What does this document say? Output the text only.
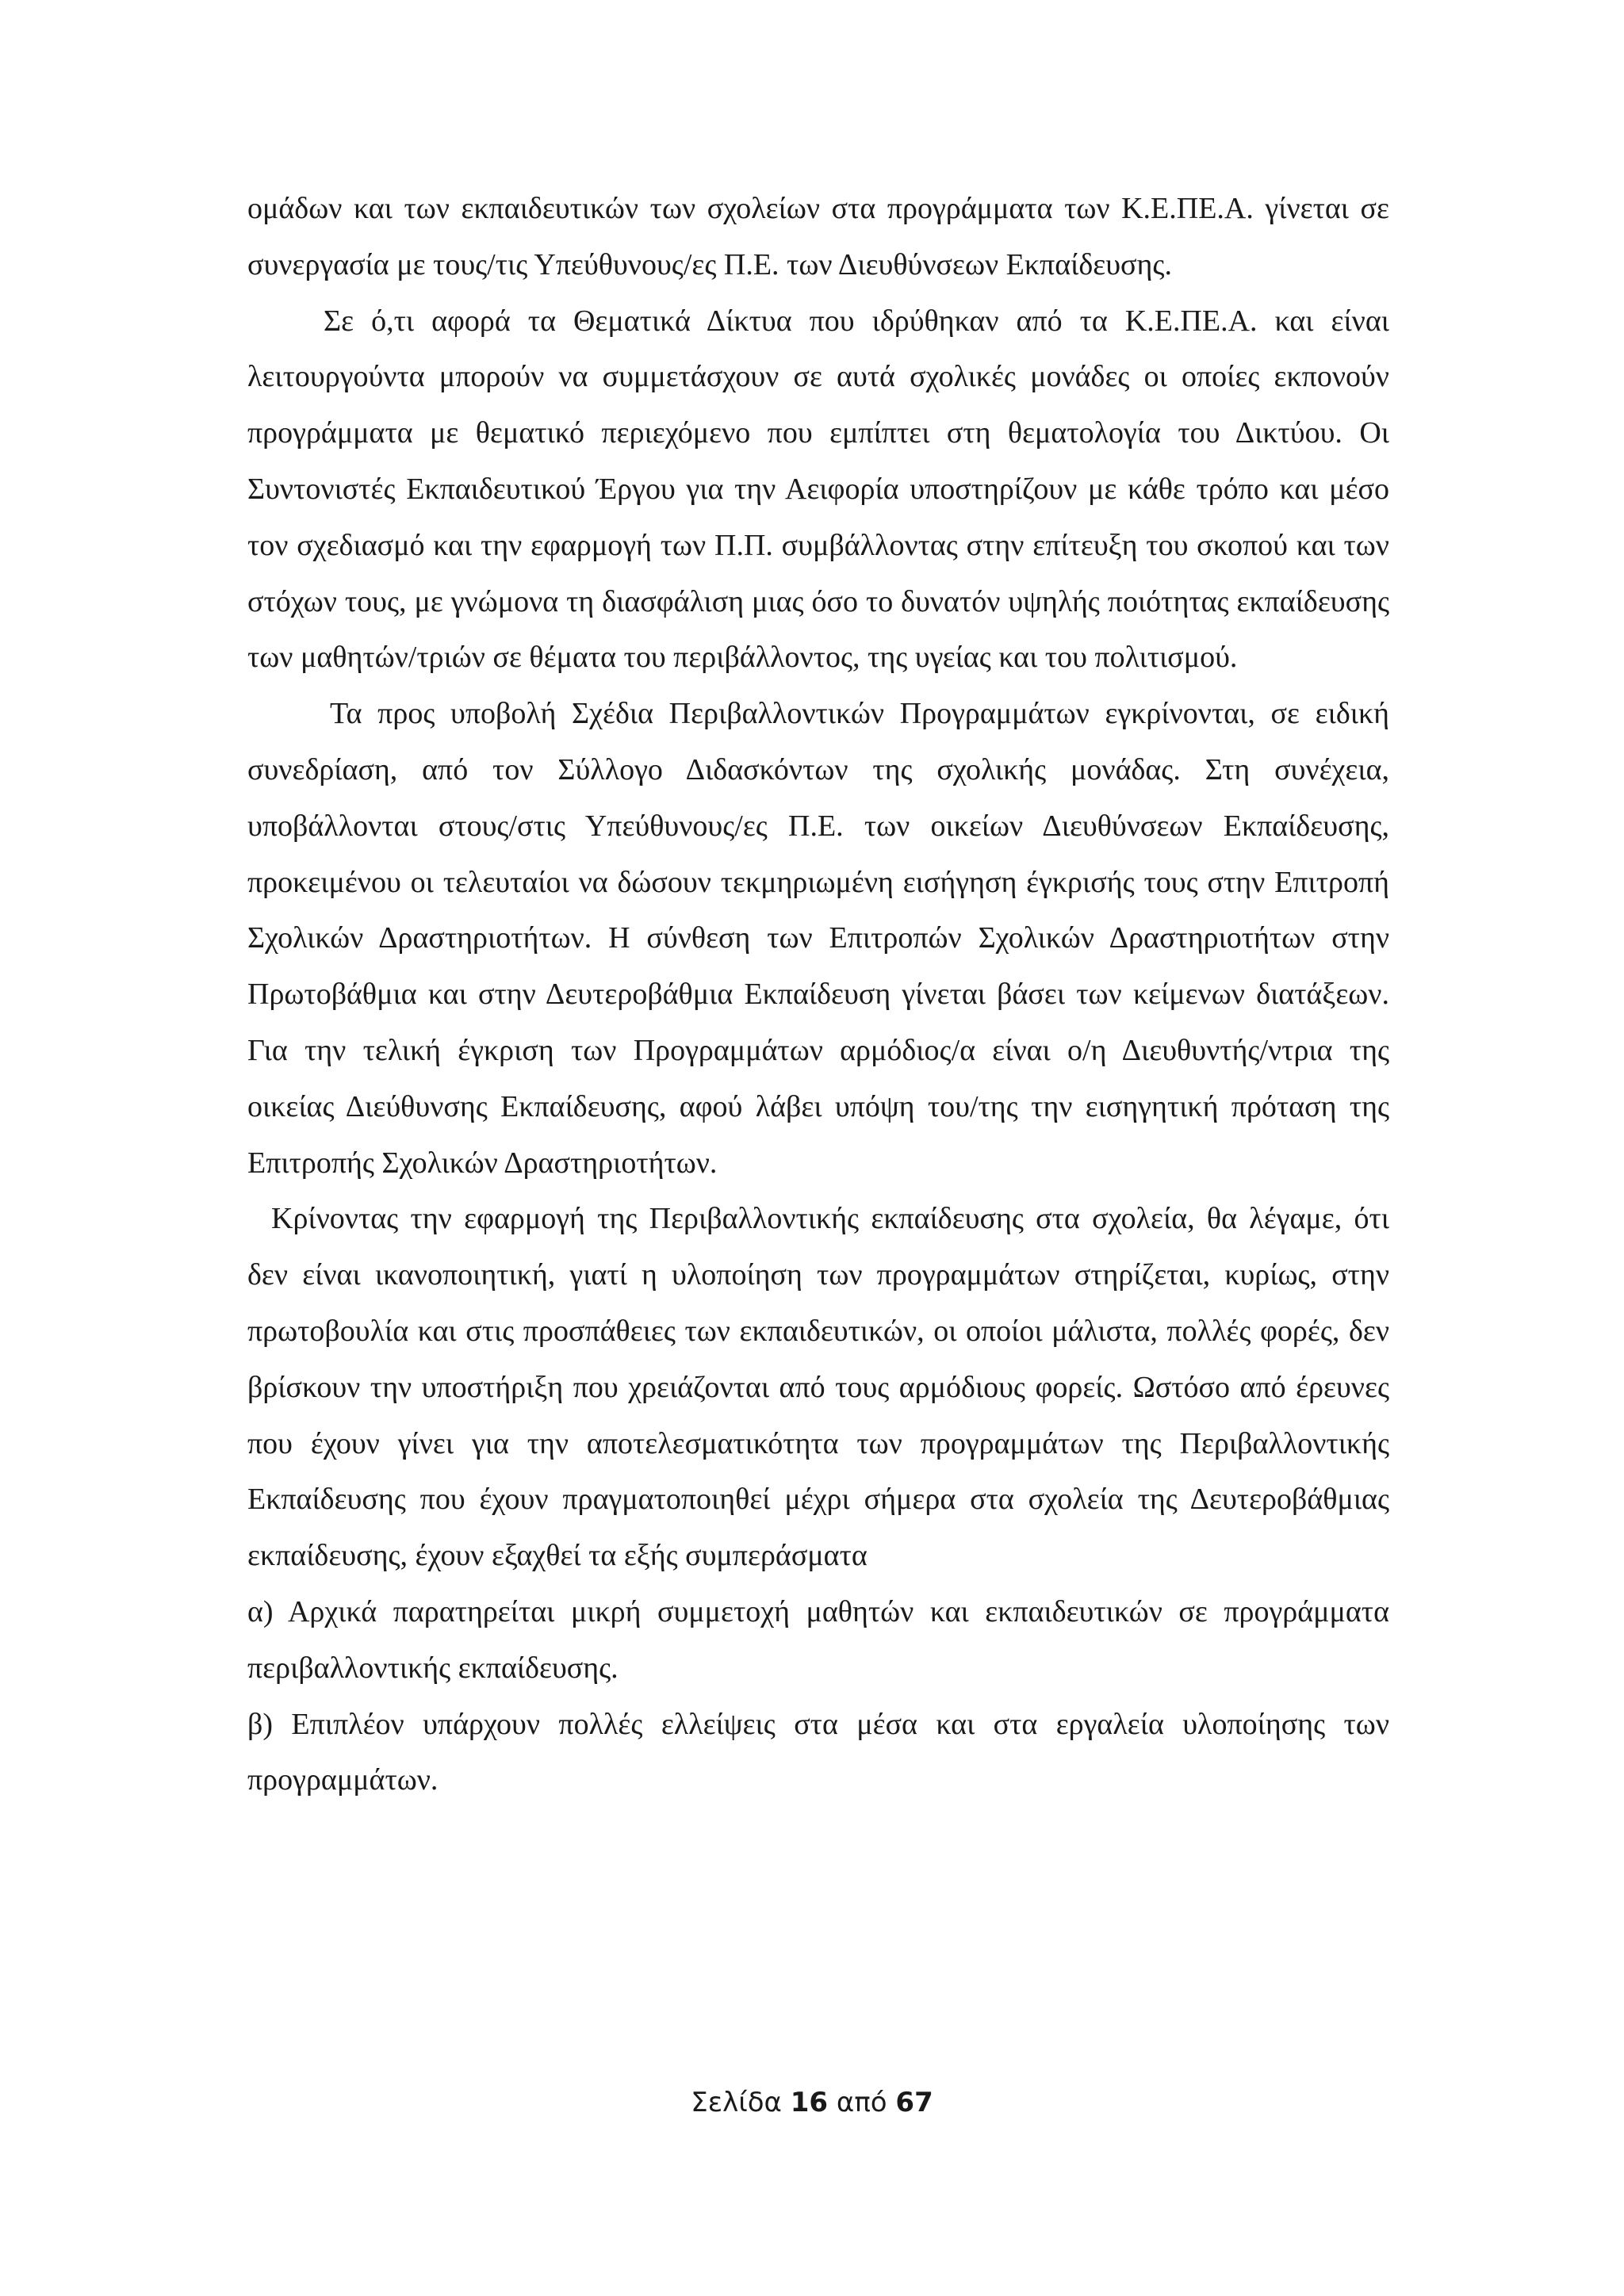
ομάδων και των εκπαιδευτικών των σχολείων στα προγράμματα των Κ.Ε.ΠΕ.Α. γίνεται σε συνεργασία με τους/τις Υπεύθυνους/ες Π.Ε. των Διευθύνσεων Εκπαίδευσης.

Σε ό,τι αφορά τα Θεματικά Δίκτυα που ιδρύθηκαν από τα Κ.Ε.ΠΕ.Α. και είναι λειτουργούντα μπορούν να συμμετάσχουν σε αυτά σχολικές μονάδες οι οποίες εκπονούν προγράμματα με θεματικό περιεχόμενο που εμπίπτει στη θεματολογία του Δικτύου. Οι Συντονιστές Εκπαιδευτικού Έργου για την Αειφορία υποστηρίζουν με κάθε τρόπο και μέσο τον σχεδιασμό και την εφαρμογή των Π.Π. συμβάλλοντας στην επίτευξη του σκοπού και των στόχων τους, με γνώμονα τη διασφάλιση μιας όσο το δυνατόν υψηλής ποιότητας εκπαίδευσης των μαθητών/τριών σε θέματα του περιβάλλοντος, της υγείας και του πολιτισμού.

Τα προς υποβολή Σχέδια Περιβαλλοντικών Προγραμμάτων εγκρίνονται, σε ειδική συνεδρίαση, από τον Σύλλογο Διδασκόντων της σχολικής μονάδας. Στη συνέχεια, υποβάλλονται στους/στις Υπεύθυνους/ες Π.Ε. των οικείων Διευθύνσεων Εκπαίδευσης, προκειμένου οι τελευταίοι να δώσουν τεκμηριωμένη εισήγηση έγκρισής τους στην Επιτροπή Σχολικών Δραστηριοτήτων. Η σύνθεση των Επιτροπών Σχολικών Δραστηριοτήτων στην Πρωτοβάθμια και στην Δευτεροβάθμια Εκπαίδευση γίνεται βάσει των κείμενων διατάξεων. Για την τελική έγκριση των Προγραμμάτων αρμόδιος/α είναι ο/η Διευθυντής/ντρια της οικείας Διεύθυνσης Εκπαίδευσης, αφού λάβει υπόψη του/της την εισηγητική πρόταση της Επιτροπής Σχολικών Δραστηριοτήτων.

Κρίνοντας την εφαρμογή της Περιβαλλοντικής εκπαίδευσης στα σχολεία, θα λέγαμε, ότι δεν είναι ικανοποιητική, γιατί η υλοποίηση των προγραμμάτων στηρίζεται, κυρίως, στην πρωτοβουλία και στις προσπάθειες των εκπαιδευτικών, οι οποίοι μάλιστα, πολλές φορές, δεν βρίσκουν την υποστήριξη που χρειάζονται από τους αρμόδιους φορείς. Ωστόσο από έρευνες που έχουν γίνει για την αποτελεσματικότητα των προγραμμάτων της Περιβαλλοντικής Εκπαίδευσης που έχουν πραγματοποιηθεί μέχρι σήμερα στα σχολεία της Δευτεροβάθμιας εκπαίδευσης, έχουν εξαχθεί τα εξής συμπεράσματα

α) Αρχικά παρατηρείται μικρή συμμετοχή μαθητών και εκπαιδευτικών σε προγράμματα περιβαλλοντικής εκπαίδευσης.

β) Επιπλέον υπάρχουν πολλές ελλείψεις στα μέσα και στα εργαλεία υλοποίησης των προγραμμάτων.

Σελίδα 16 από 67
